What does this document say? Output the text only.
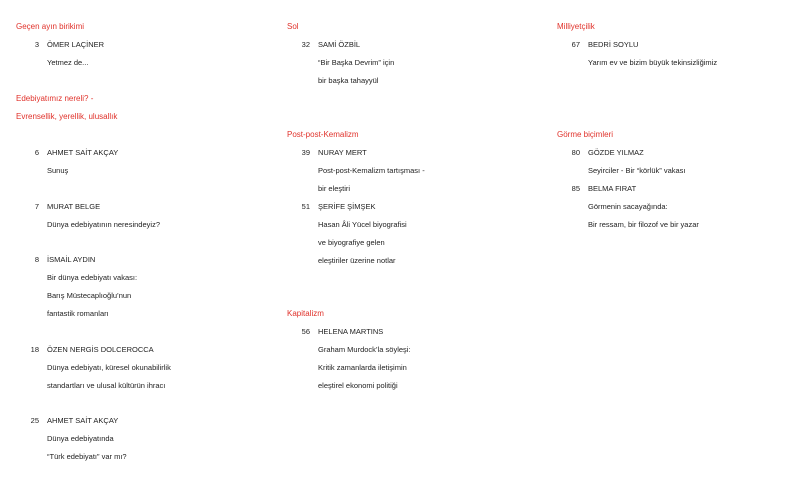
Geçen ayın birikimi
3 ÖMER LAÇİNER
Yetmez de...
Edebiyatımız nereli? -
Evrensellik, yerellik, ulusallık
6 AHMET SAİT AKÇAY
Sunuş
7 MURAT BELGE
Dünya edebiyatının neresindeyiz?
8 İSMAİL AYDIN
Bir dünya edebiyatı vakası:
Barış Müstecaplıoğlu’nun
fantastik romanları
18 ÖZEN NERGİS DOLCEROCCA
Dünya edebiyatı, küresel okunabilirlik
standartları ve ulusal kültürün ihracı
25 AHMET SAİT AKÇAY
Dünya edebiyatında
“Türk edebiyatı” var mı?
Sol
32 SAMİ ÖZBİL
“Bir Başka Devrim” için
bir başka tahayyül
Post-post-Kemalizm
39 NURAY MERT
Post-post-Kemalizm tartışması -
bir eleştiri
51 ŞERİFE ŞİMŞEK
Hasan Âli Yücel biyografisi
ve biyografiye gelen
eleştiriler üzerine notlar
Kapitalizm
56 HELENA MARTINS
Graham Murdock’la söyleşi:
Kritik zamanlarda iletişimin
eleştirel ekonomi politiği
Milliyetçilik
67 BEDRİ SOYLU
Yarım ev ve bizim büyük tekinsizliğimiz
Görme biçimleri
80 GÖZDE YILMAZ
Seyirciler - Bir “körlük” vakası
85 BELMA FIRAT
Görmenin sacayağında:
Bir ressam, bir filozof ve bir yazar
